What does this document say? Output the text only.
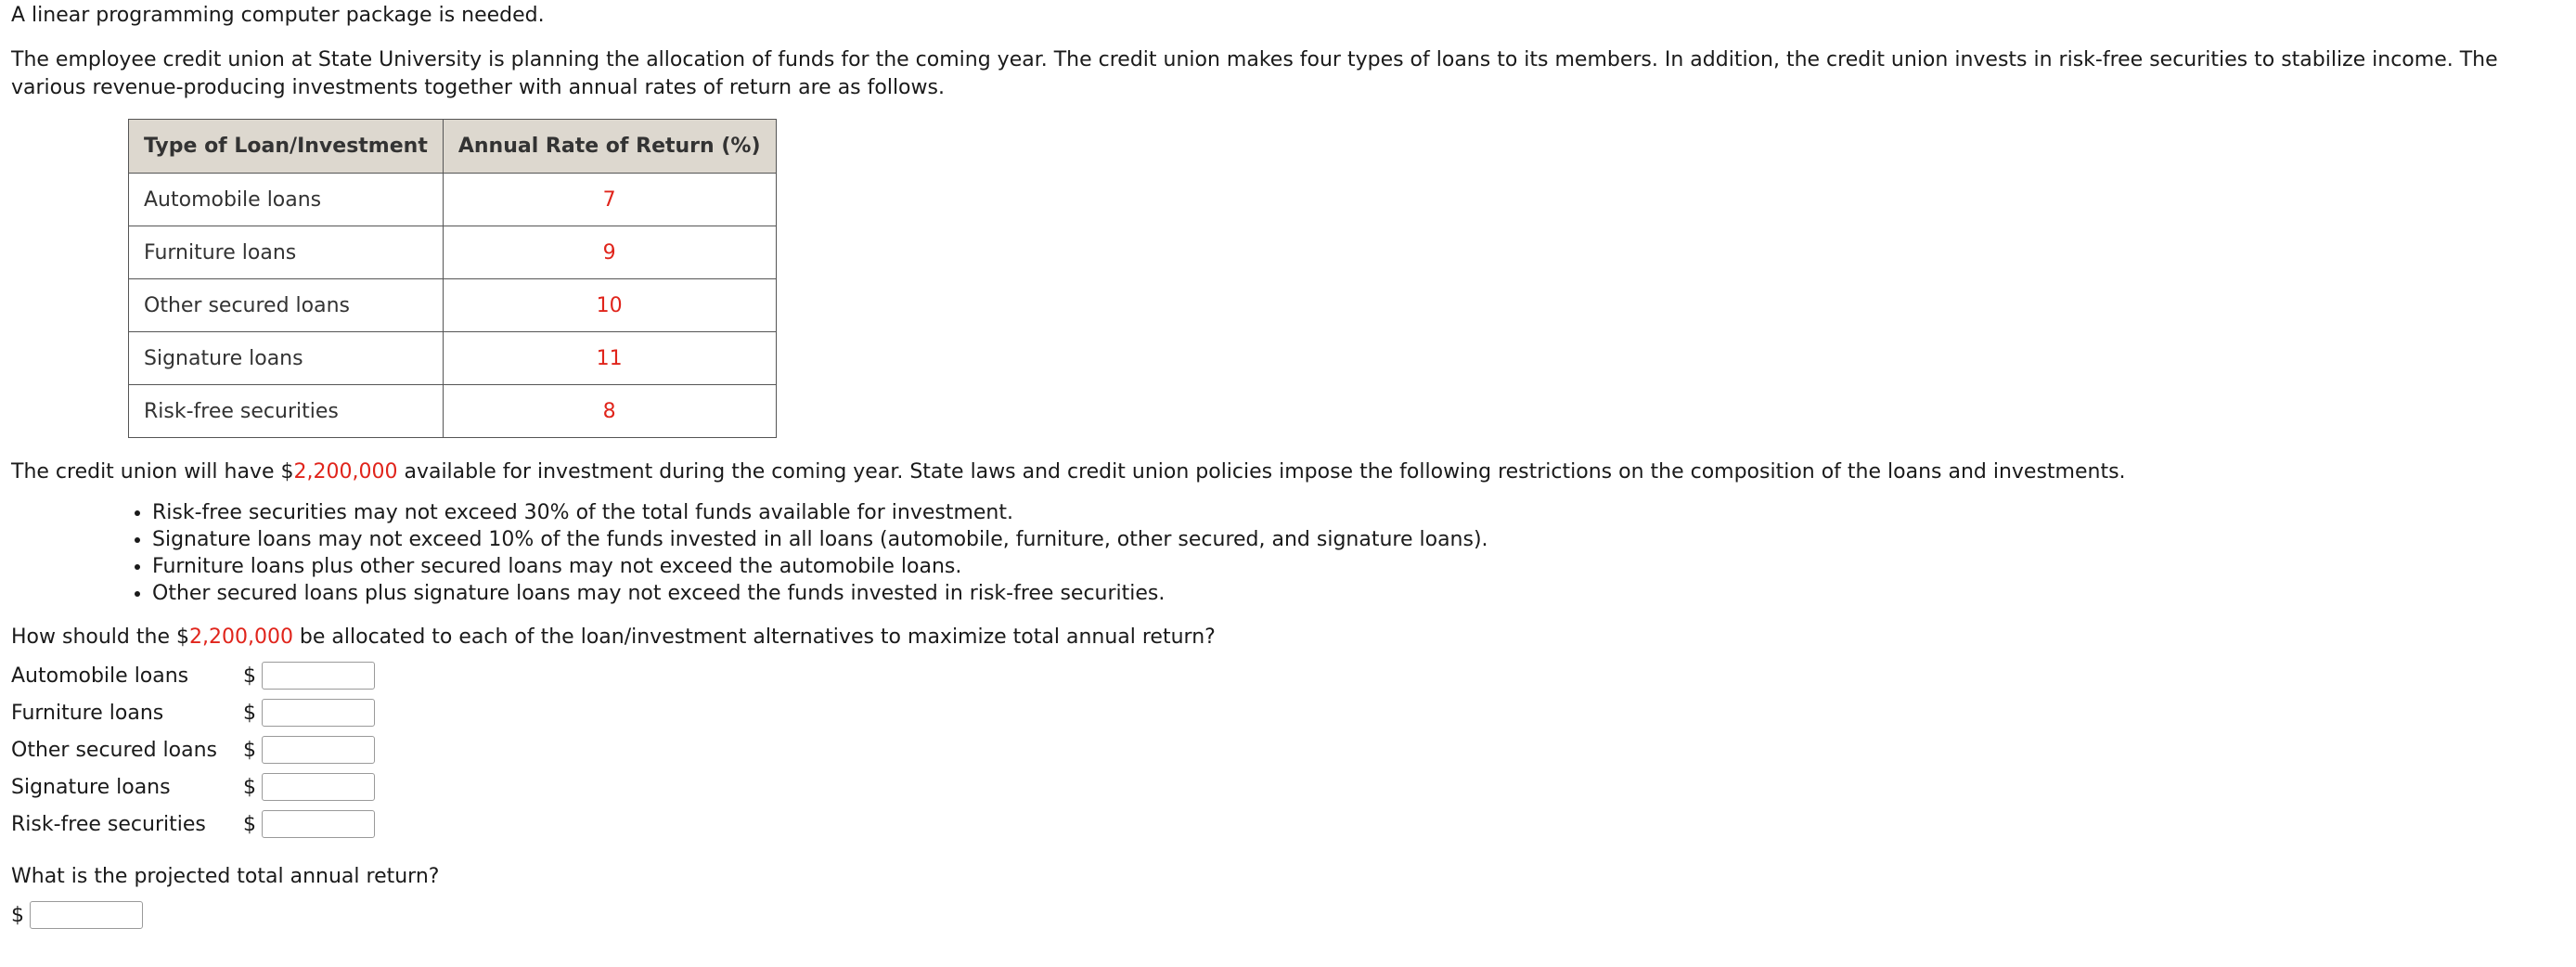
A linear programming computer package is needed.

The employee credit union at State University is planning the allocation of funds for the coming year. The credit union makes four types of loans to its members. In addition, the credit union invests in risk-free securities to stabilize income. The various revenue-producing investments together with annual rates of return are as follows.

Type of Loan/Investment	Annual Rate of Return (%)
Automobile loans	7
Furniture loans	9
Other secured loans	10
Signature loans	11
Risk-free securities	8

The credit union will have $2,200,000 available for investment during the coming year. State laws and credit union policies impose the following restrictions on the composition of the loans and investments.

• Risk-free securities may not exceed 30% of the total funds available for investment.
• Signature loans may not exceed 10% of the funds invested in all loans (automobile, furniture, other secured, and signature loans).
• Furniture loans plus other secured loans may not exceed the automobile loans.
• Other secured loans plus signature loans may not exceed the funds invested in risk-free securities.

How should the $2,200,000 be allocated to each of the loan/investment alternatives to maximize total annual return?

Automobile loans	$
Furniture loans	$
Other secured loans	$
Signature loans	$
Risk-free securities	$

What is the projected total annual return?

$
